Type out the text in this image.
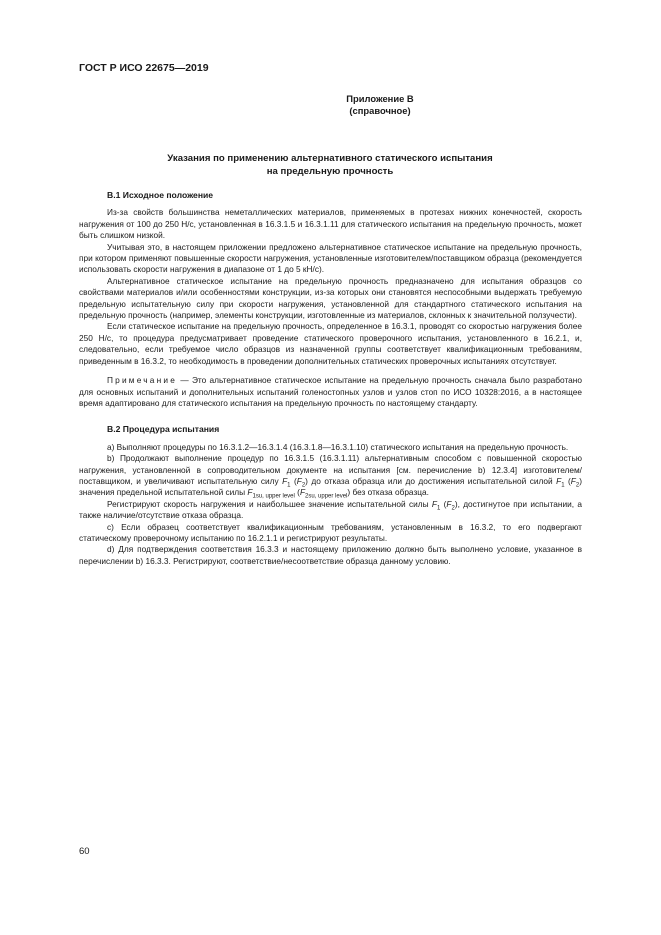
ГОСТ Р ИСО 22675—2019
Приложение В
(справочное)
Указания по применению альтернативного статического испытания
на предельную прочность
В.1 Исходное положение

Из-за свойств большинства неметаллических материалов, применяемых в протезах нижних конечностей, скорость нагружения от 100 до 250 Н/с, установленная в 16.3.1.5 и 16.3.1.11 для статического испытания на предельную прочность, может быть слишком низкой.

Учитывая это, в настоящем приложении предложено альтернативное статическое испытание на предельную прочность, при котором применяют повышенные скорости нагружения, установленные изготовителем/поставщиком образца (рекомендуется использовать скорости нагружения в диапазоне от 1 до 5 кН/с).

Альтернативное статическое испытание на предельную прочность предназначено для испытания образцов со свойствами материалов и/или особенностями конструкции, из-за которых они становятся неспособными выдержать требуемую предельную испытательную силу при скорости нагружения, установленной для стандартного статического испытания на предельную прочность (например, элементы конструкции, изготовленные из материалов, склонных к значительной ползучести).

Если статическое испытание на предельную прочность, определенное в 16.3.1, проводят со скоростью нагружения более 250 Н/с, то процедура предусматривает проведение статического проверочного испытания, установленного в 16.2.1, и, следовательно, если требуемое число образцов из назначенной группы соответствует квалификационным требованиям, приведенным в 16.3.2, то необходимость в проведении дополнительных статических проверочных испытаниях отсутствует.

Примечание — Это альтернативное статическое испытание на предельную прочность сначала было разработано для основных испытаний и дополнительных испытаний голеностопных узлов и узлов стоп по ИСО 10328:2016, а в настоящее время адаптировано для статического испытания на предельную прочность по настоящему стандарту.

В.2 Процедура испытания

а) Выполняют процедуры по 16.3.1.2—16.3.1.4 (16.3.1.8—16.3.1.10) статического испытания на предельную прочность.

b) Продолжают выполнение процедур по 16.3.1.5 (16.3.1.11) альтернативным способом с повышенной скоростью нагружения, установленной в сопроводительном документе на испытания [см. перечисление b) 12.3.4] изготовителем/поставщиком, и увеличивают испытательную силу $F_1$ $(F_2)$ до отказа образца или до достижения испытательной силой $F_1$ $(F_2)$ значения предельной испытательной силы $F_{1su, upper level}$ $(F_{2su, upper level})$ без отказа образца.

Регистрируют скорость нагружения и наибольшее значение испытательной силы $F_1$ $(F_2)$, достигнутое при испытании, а также наличие/отсутствие отказа образца.

с) Если образец соответствует квалификационным требованиям, установленным в 16.3.2, то его подвергают статическому проверочному испытанию по 16.2.1.1 и регистрируют результаты.

d) Для подтверждения соответствия 16.3.3 и настоящему приложению должно быть выполнено условие, указанное в перечислении b) 16.3.3. Регистрируют, соответствие/несоответствие образца данному условию.

60
